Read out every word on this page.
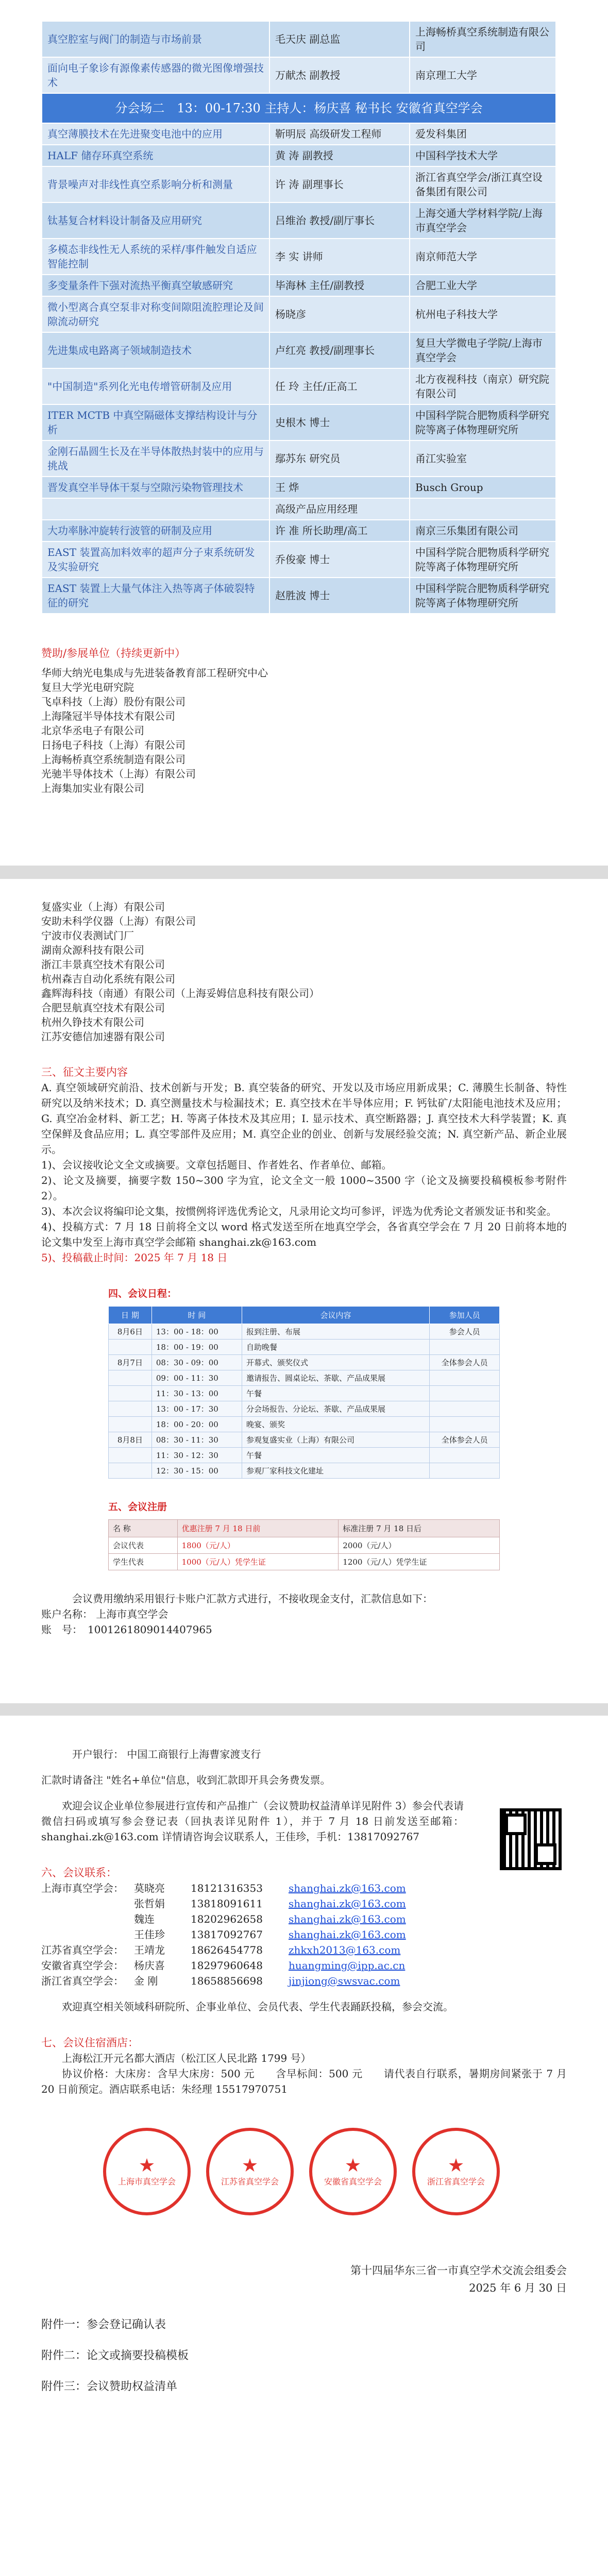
真空腔室与阀门的制造与市场前景	毛天庆 副总监	上海畅桥真空系统制造有限公司
面向电子象诊有源像素传感器的微光图像增强技术	万献杰 副教授	南京理工大学
分会场二　13：00-17:30 主持人：杨庆喜 秘书长 安徽省真空学会		
真空薄膜技术在先进聚变电池中的应用	靳明辰 高级研发工程师	爱发科集团
HALF 储存环真空系统	黄 涛 副教授	中国科学技术大学
背景噪声对非线性真空系影响分析和测量	许 涛 副理事长	浙江省真空学会/浙江真空设备集团有限公司
钛基复合材料设计制备及应用研究	吕维治 教授/副厅事长	上海交通大学材料学院/上海市真空学会
多模态非线性无人系统的采样/事件触发自适应智能控制	李 实 讲师	南京师范大学
多变量条件下强对流热平衡真空敏感研究	毕海林 主任/副教授	合肥工业大学
微小型离合真空泵非对称变间隙阻流腔理论及间隙流动研究	杨晓彦	杭州电子科技大学
先进集成电路离子领域制造技术	卢红亮 教授/副理事长	复旦大学微电子学院/上海市真空学会
"中国制造"系列化光电传增管研制及应用	任 玲 主任/正高工	北方夜视科技（南京）研究院有限公司
ITER MCTB 中真空隔磁体支撑结构设计与分析	史根木 博士	中国科学院合肥物质科学研究院等离子体物理研究所
金刚石晶圆生长及在半导体散热封装中的应用与挑战	鄢苏东 研究员	甬江实验室
晋发真空半导体干泵与空隙污染物管理技术	王 烨	Busch Group
	高级产品应用经理	
大功率脉冲旋转行波管的研制及应用	许 准 所长助理/高工	南京三乐集团有限公司
EAST 装置高加料效率的超声分子束系统研发及实验研究	乔俊豪 博士	中国科学院合肥物质科学研究院等离子体物理研究所
EAST 装置上大量气体注入热等离子体破裂特征的研究	赵胜波 博士	中国科学院合肥物质科学研究院等离子体物理研究所
赞助/参展单位（持续更新中）
华师大纳光电集成与先进装备教育部工程研究中心
复旦大学光电研究院
飞卓科技（上海）股份有限公司
上海隆冠半导体技术有限公司
北京华丞电子有限公司
日扬电子科技（上海）有限公司
上海畅桥真空系统制造有限公司
光驰半导体技术（上海）有限公司
上海集加实业有限公司
复盛实业（上海）有限公司
安助未科学仪器（上海）有限公司
宁波市仪表测试门厂
湖南众源科技有限公司
浙江丰景真空技术有限公司
杭州森吉自动化系统有限公司
鑫辉海科技（南通）有限公司（上海妥姆信息科技有限公司）
合肥昱航真空技术有限公司
杭州久铮技术有限公司
江苏安德信加速器有限公司
三、征文主要内容
A. 真空领域研究前沿、技术创新与开发；B. 真空装备的研究、开发以及市场应用新成果；C. 薄膜生长制备、特性研究以及纳米技术；D. 真空测量技术与检漏技术；E. 真空技术在半导体应用；F. 钙钛矿/太阳能电池技术及应用；G. 真空冶金材料、新工艺；H. 等离子体技术及其应用；I. 显示技术、真空断路器；J. 真空技术大科学装置；K. 真空保鲜及食品应用；L. 真空零部件及应用；M. 真空企业的创业、创新与发展经验交流；N. 真空新产品、新企业展示。
1)、会议接收论文全文或摘要。文章包括题目、作者姓名、作者单位、邮箱。
2)、论文及摘要，摘要字数 150~300 字为宜，论文全文一般 1000~3500 字（论文及摘要投稿模板参考附件 2）。
3)、本次会议将编印论文集，按惯例将评选优秀论文，凡录用论文均可参评，评选为优秀论文者颁发证书和奖金。
4)、投稿方式：7 月 18 日前将全文以 word 格式发送至所在地真空学会，各省真空学会在 7 月 20 日前将本地的论文集中发至上海市真空学会邮箱 shanghai.zk@163.com
5)、投稿截止时间：2025 年 7 月 18 日
四、会议日程：
日 期	时 间	会议内容	参加人员
8月6日	13：00 - 18：00	报到注册、布展	参会人员
	18：00 - 19：00	自助晚餐	
8月7日	08：30 - 09：00	开幕式、颁奖仪式	全体参会人员
	09：00 - 11：30	邀请报告、圆桌论坛、茶歇、产品成果展	
	11：30 - 13：00	午餐	
	13：00 - 17：30	分会场报告、分论坛、茶歇、产品成果展	
	18：00 - 20：00	晚宴、颁奖	
8月8日	08：30 - 11：30	参观复盛实业（上海）有限公司	全体参会人员
	11：30 - 12：30	午餐	
	12：30 - 15：00	参观厂家科技文化建址	
五、会议注册
名 称	优惠注册 7 月 18 日前	标准注册 7 月 18 日后
会议代表	1800（元/人）	2000（元/人）
学生代表	1000（元/人）凭学生证	1200（元/人）凭学生证
会议费用缴纳采用银行卡账户汇款方式进行，不接收现金支付，汇款信息如下：
账户名称： 上海市真空学会
账　号：　1001261809014407965
开户银行： 中国工商银行上海曹家渡支行
汇款时请备注 "姓名+单位"信息，收到汇款即开具会务费发票。
欢迎会议企业单位参展进行宣传和产品推广（会议赞助权益清单详见附件 3）参会代表请微信扫码或填写参会登记表（回执表详见附件 1），并于 7 月 18 日前发送至邮箱：shanghai.zk@163.com 详情请咨询会议联系人，王佳珍，手机：13817092767
六、会议联系：
上海市真空学会：	莫晓亮	18121316353	shanghai.zk@163.com
张哲娟	13818091611	shanghai.zk@163.com
魏连	18202962658	shanghai.zk@163.com
王佳珍	13817092767	shanghai.zk@163.com
江苏省真空学会：	王靖龙	18626454778	zhkxh2013@163.com
安徽省真空学会：	杨庆喜	18297960648	huangming@ipp.ac.cn
浙江省真空学会：	金 刚	18658856698	jinjiong@swsvac.com
欢迎真空相关领域科研院所、企事业单位、会员代表、学生代表踊跃投稿，参会交流。
七、会议住宿酒店：
上海松江开元名都大酒店（松江区人民北路 1799 号）
协议价格：大床房：含早大床房：500 元　　含早标间：500 元　　请代表自行联系，暑期房间紧张于 7 月 20 日前预定。酒店联系电话：朱经理 15517970751
★
上海市真空学会
★
江苏省真空学会
★
安徽省真空学会
★
浙江省真空学会
第十四届华东三省一市真空学术交流会组委会
2025 年 6 月 30 日
附件一：参会登记确认表
附件二：论文或摘要投稿模板
附件三：会议赞助权益清单
